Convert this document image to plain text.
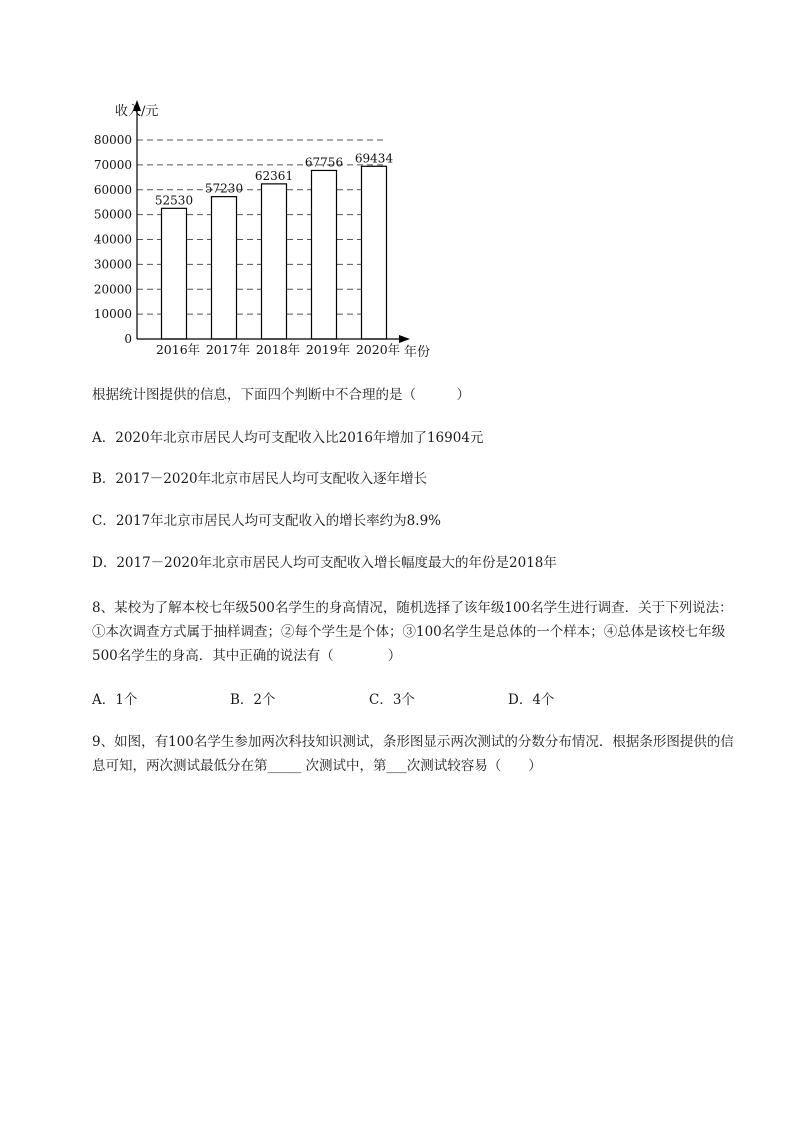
0
10000
20000
30000
40000
50000
60000
70000
80000
2016年 2017年 2018年 2019年 2020年
52530
57230
62361
67756 69434
收入/元
年份
根据统计图提供的信息，下面四个判断中不合理的是（　　　）
A．2020年北京市居民人均可支配收入比2016年增加了16904元
B．2017－2020年北京市居民人均可支配收入逐年增长
C．2017年北京市居民人均可支配收入的增长率约为8.9%
D．2017－2020年北京市居民人均可支配收入增长幅度最大的年份是2018年
8、某校为了解本校七年级500名学生的身高情况，随机选择了该年级100名学生进行调查．关于下列说法：①本次调查方式属于抽样调查；②每个学生是个体；③100名学生是总体的一个样本；④总体是该校七年级500名学生的身高．其中正确的说法有（　　　　）
A．1个	B．2个	C．3个	D．4个
9、如图，有100名学生参加两次科技知识测试，条形图显示两次测试的分数分布情况．根据条形图提供的信息可知，两次测试最低分在第_____ 次测试中，第___次测试较容易（　　）
